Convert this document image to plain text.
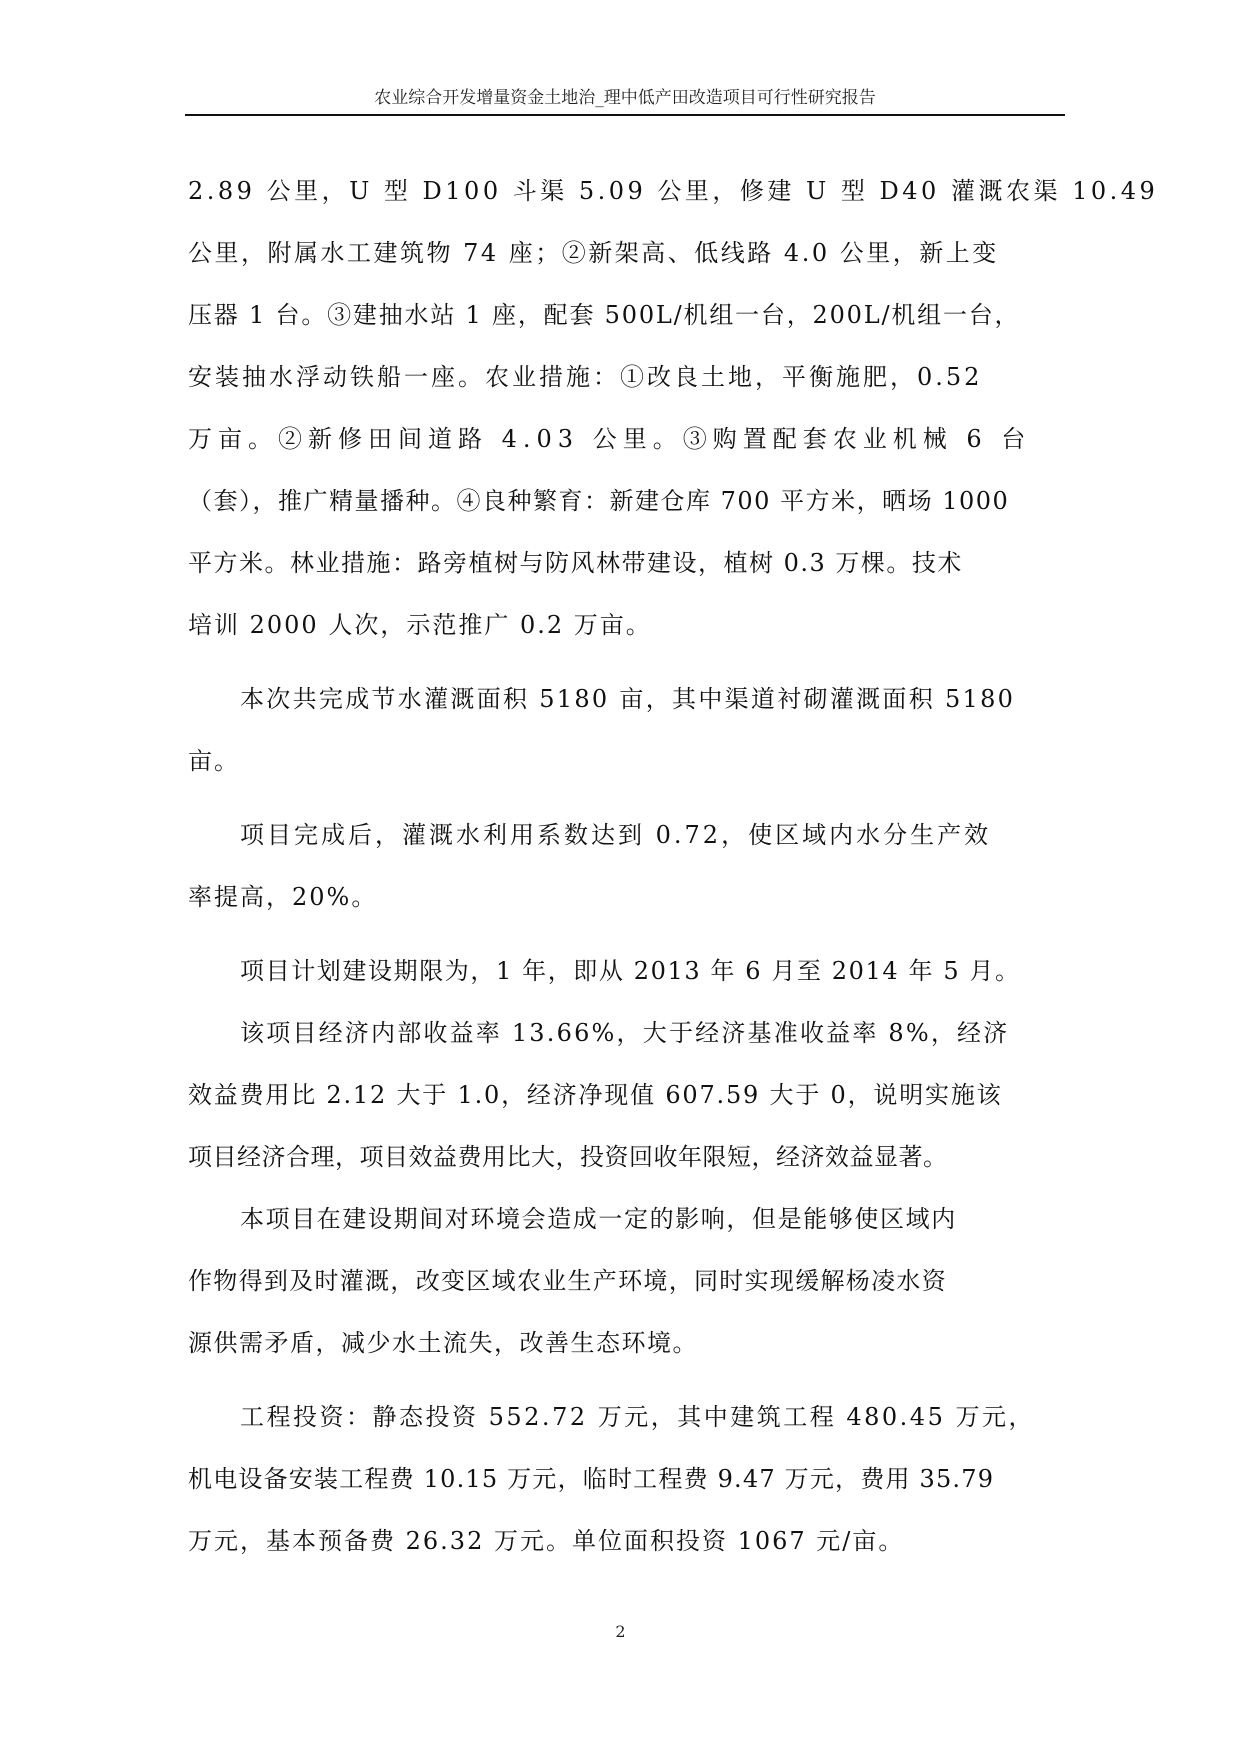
农业综合开发增量资金土地治_理中低产田改造项目可行性研究报告
2.89 公里，U 型 D100 斗渠 5.09 公里，修建 U 型 D40 灌溉农渠 10.49
公里，附属水工建筑物 74 座；②新架高、低线路 4.0 公里，新上变
压器 1 台。③建抽水站 1 座，配套 500L/机组一台，200L/机组一台，
安装抽水浮动铁船一座。农业措施：①改良土地，平衡施肥，0.52
万亩。②新修田间道路 4.03 公里。③购置配套农业机械 6 台
（套），推广精量播种。④良种繁育：新建仓库 700 平方米，晒场 1000
平方米。林业措施：路旁植树与防风林带建设，植树 0.3 万棵。技术
培训 2000 人次，示范推广 0.2 万亩。
本次共完成节水灌溉面积 5180 亩，其中渠道衬砌灌溉面积 5180
亩。
项目完成后，灌溉水利用系数达到 0.72，使区域内水分生产效
率提高，20%。
项目计划建设期限为，1 年，即从 2013 年 6 月至 2014 年 5 月。
该项目经济内部收益率 13.66%，大于经济基准收益率 8%，经济
效益费用比 2.12 大于 1.0，经济净现值 607.59 大于 0，说明实施该
项目经济合理，项目效益费用比大，投资回收年限短，经济效益显著。
本项目在建设期间对环境会造成一定的影响，但是能够使区域内
作物得到及时灌溉，改变区域农业生产环境，同时实现缓解杨凌水资
源供需矛盾，减少水土流失，改善生态环境。
工程投资：静态投资 552.72 万元，其中建筑工程 480.45 万元，
机电设备安装工程费 10.15 万元，临时工程费 9.47 万元，费用 35.79
万元，基本预备费 26.32 万元。单位面积投资 1067 元/亩。
2
